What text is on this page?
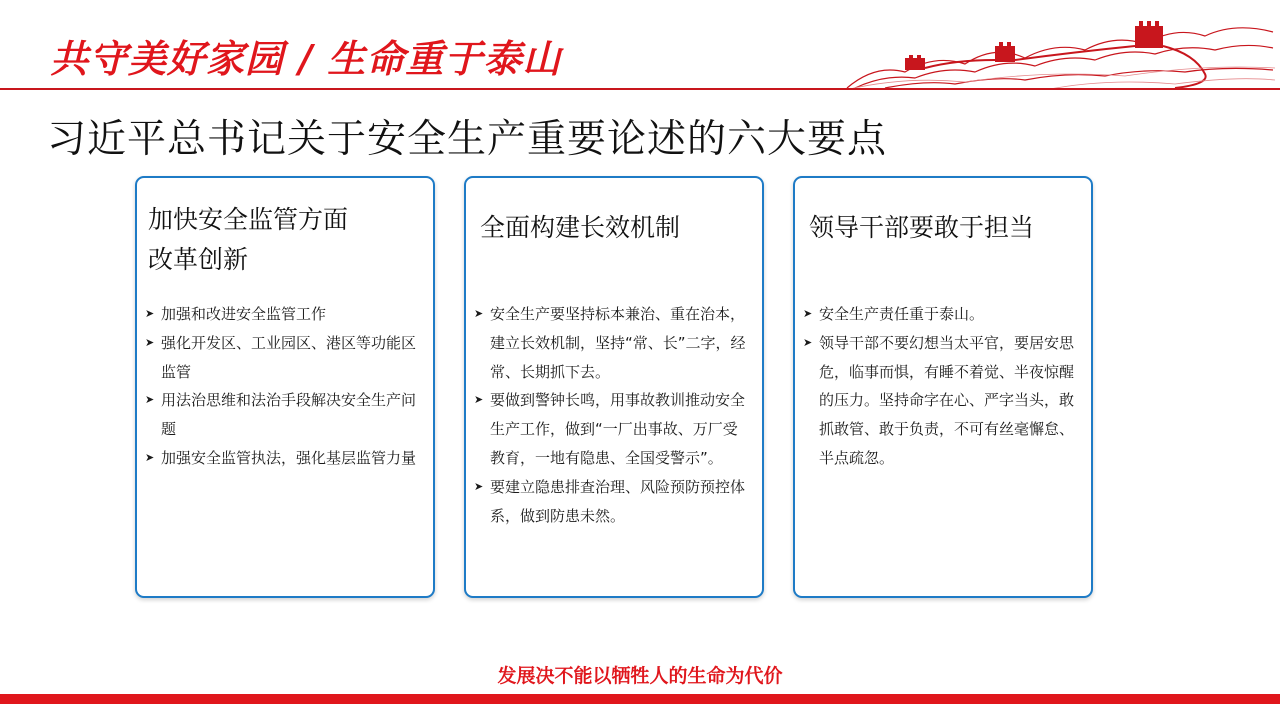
共守美好家园 / 生命重于泰山
习近平总书记关于安全生产重要论述的六大要点
加快安全监管方面
改革创新
➤ 加强和改进安全监管工作
➤ 强化开发区、工业园区、港区等功能区监管
➤ 用法治思维和法治手段解决安全生产问题
➤ 加强安全监管执法，强化基层监管力量
全面构建长效机制
➤ 安全生产要坚持标本兼治、重在治本，建立长效机制，坚持“常、长”二字，经常、长期抓下去。
➤ 要做到警钟长鸣，用事故教训推动安全生产工作，做到“一厂出事故、万厂受教育，一地有隐患、全国受警示”。
➤ 要建立隐患排查治理、风险预防预控体系，做到防患未然。
领导干部要敢于担当
➤ 安全生产责任重于泰山。
➤ 领导干部不要幻想当太平官，要居安思危，临事而惧，有睡不着觉、半夜惊醒的压力。坚持命字在心、严字当头，敢抓敢管、敢于负责，不可有丝毫懈怠、半点疏忽。
发展决不能以牺牲人的生命为代价
